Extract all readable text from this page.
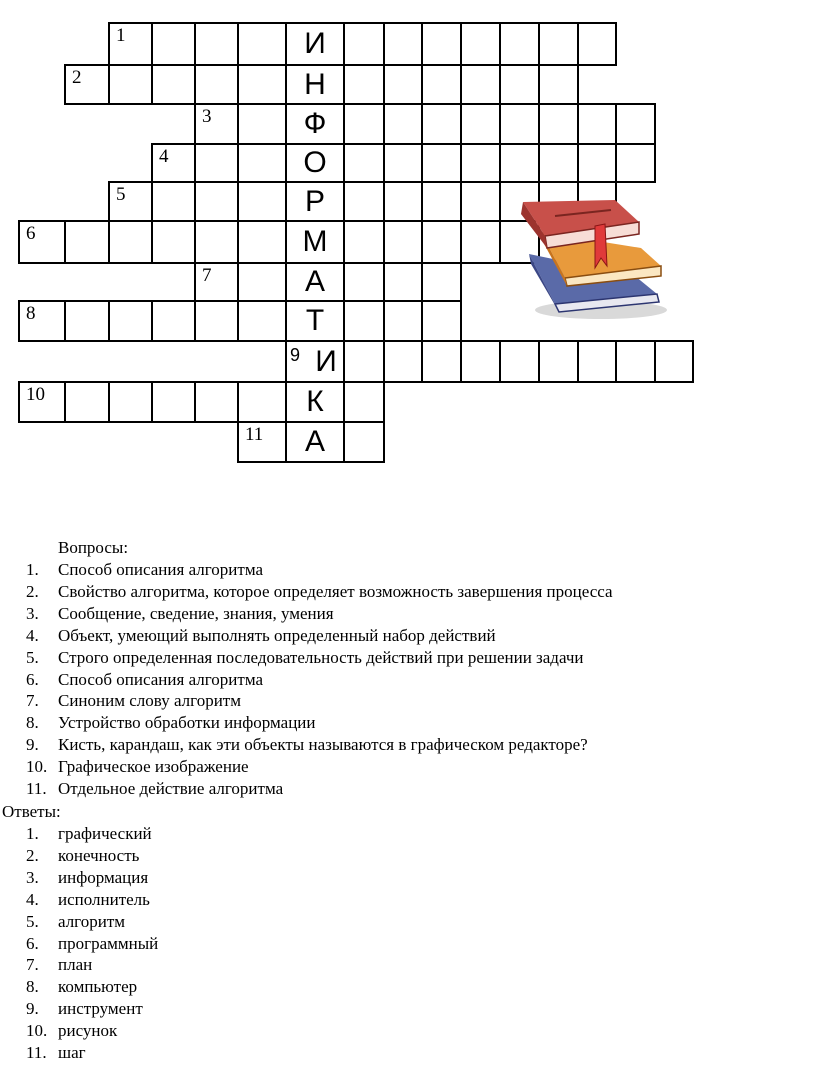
1	И
2	Н
3	Ф
4	О
5	Р
6	М
7	А
8	Т
9 И
10	К
11	А
Вопросы:
1. Способ описания алгоритма
2. Свойство алгоритма, которое определяет возможность завершения процесса
3. Сообщение, сведение, знания, умения
4. Объект, умеющий выполнять определенный набор действий
5. Строго определенная последовательность действий при решении задачи
6. Способ описания алгоритма
7. Синоним слову алгоритм
8. Устройство обработки информации
9. Кисть, карандаш, как эти объекты называются в графическом редакторе?
10. Графическое изображение
11. Отдельное действие алгоритма
Ответы:
1. графический
2. конечность
3. информация
4. исполнитель
5. алгоритм
6. программный
7. план
8. компьютер
9. инструмент
10. рисунок
11. шаг
